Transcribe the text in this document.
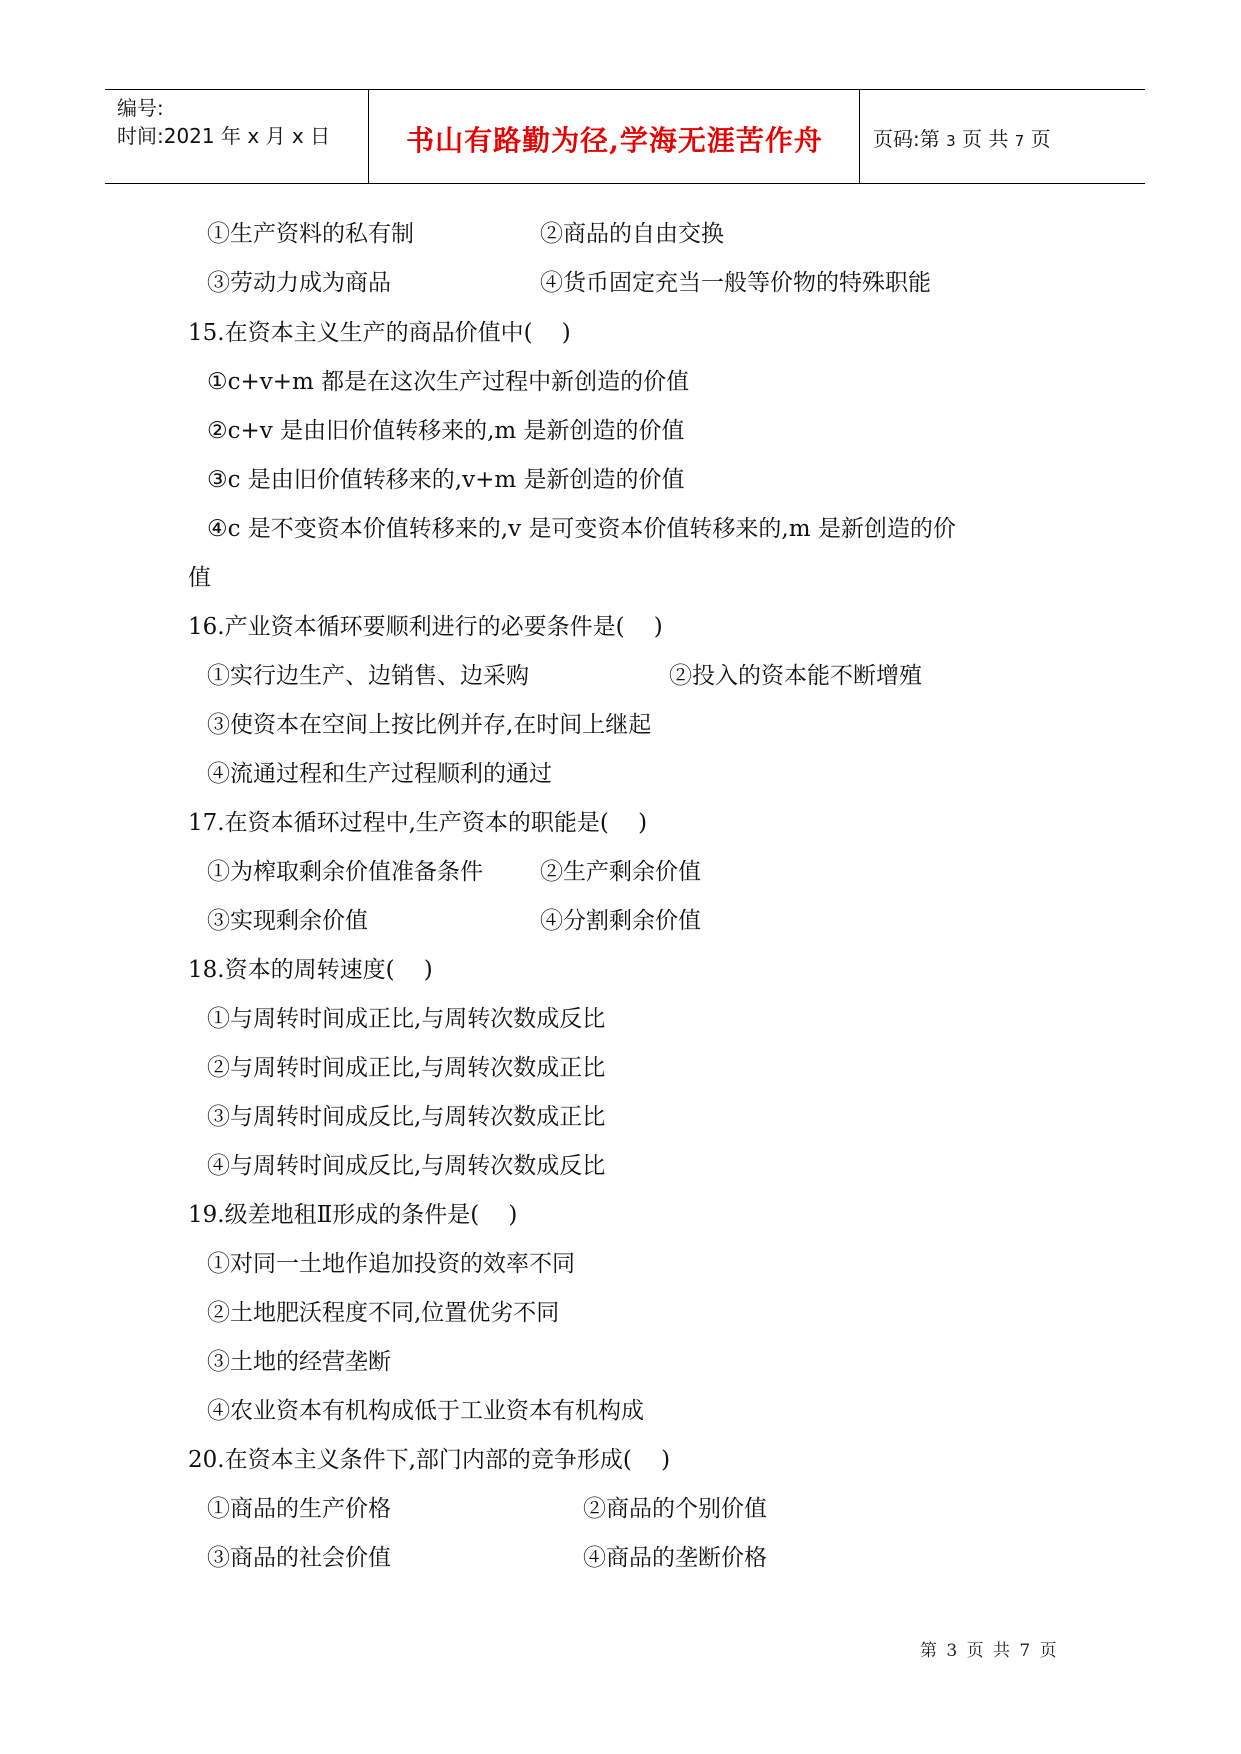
编号:
时间:2021 年 x 月 x 日	书山有路勤为径,学海无涯苦作舟	页码:第 3 页 共 7 页
①生产资料的私有制	②商品的自由交换
③劳动力成为商品	④货币固定充当一般等价物的特殊职能
15.在资本主义生产的商品价值中(    )
①c+v+m 都是在这次生产过程中新创造的价值
②c+v 是由旧价值转移来的,m 是新创造的价值
③c 是由旧价值转移来的,v+m 是新创造的价值
④c 是不变资本价值转移来的,v 是可变资本价值转移来的,m 是新创造的价
值
16.产业资本循环要顺利进行的必要条件是(    )
①实行边生产、边销售、边采购	②投入的资本能不断增殖
③使资本在空间上按比例并存,在时间上继起
④流通过程和生产过程顺利的通过
17.在资本循环过程中,生产资本的职能是(    )
①为榨取剩余价值准备条件 ②生产剩余价值
③实现剩余价值	④分割剩余价值
18.资本的周转速度(    )
①与周转时间成正比,与周转次数成反比
②与周转时间成正比,与周转次数成正比
③与周转时间成反比,与周转次数成正比
④与周转时间成反比,与周转次数成反比
19.级差地租Ⅱ形成的条件是(    )
①对同一土地作追加投资的效率不同
②土地肥沃程度不同,位置优劣不同
③土地的经营垄断
④农业资本有机构成低于工业资本有机构成
20.在资本主义条件下,部门内部的竞争形成(    )
①商品的生产价格	②商品的个别价值
③商品的社会价值	④商品的垄断价格
第 3 页 共 7 页
